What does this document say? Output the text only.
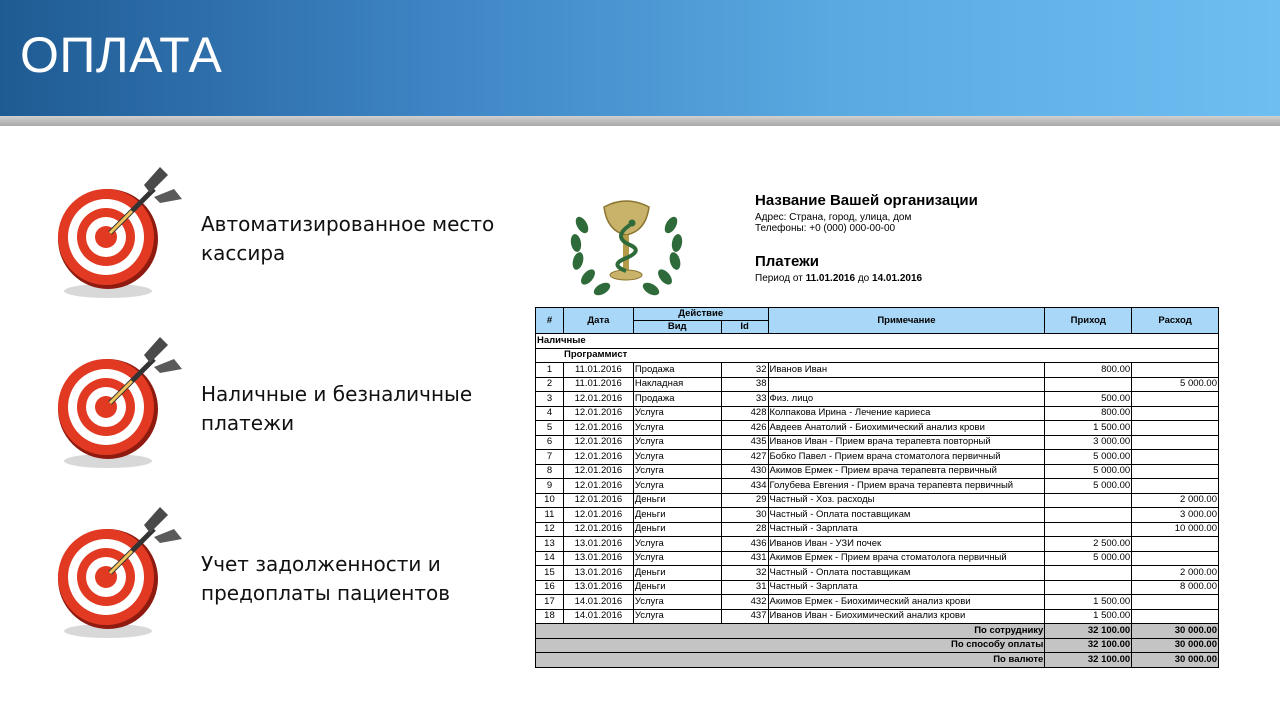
ОПЛАТА
Автоматизированное место
кассира
Наличные и безналичные
платежи
Учет задолженности и
предоплаты пациентов
Название Вашей организации
Адрес: Страна, город, улица, дом
Телефоны: +0 (000) 000-00-00
Платежи
Период от 11.01.2016 до 14.01.2016
#	Дата	Действие		Примечание	Приход	Расход
		Вид	Id			
Наличные						
Программист						
1	11.01.2016	Продажа	32	Иванов Иван	800.00	
2	11.01.2016	Накладная	38			5 000.00
3	12.01.2016	Продажа	33	Физ. лицо	500.00	
4	12.01.2016	Услуга	428	Колпакова Ирина - Лечение кариеса	800.00	
5	12.01.2016	Услуга	426	Авдеев Анатолий - Биохимический анализ крови	1 500.00	
6	12.01.2016	Услуга	435	Иванов Иван - Прием врача терапевта повторный	3 000.00	
7	12.01.2016	Услуга	427	Бобко Павел - Прием врача стоматолога первичный	5 000.00	
8	12.01.2016	Услуга	430	Акимов Ермек - Прием врача терапевта первичный	5 000.00	
9	12.01.2016	Услуга	434	Голубева Евгения - Прием врача терапевта первичный	5 000.00	
10	12.01.2016	Деньги	29	Частный - Хоз. расходы		2 000.00
11	12.01.2016	Деньги	30	Частный - Оплата поставщикам		3 000.00
12	12.01.2016	Деньги	28	Частный - Зарплата		10 000.00
13	13.01.2016	Услуга	436	Иванов Иван - УЗИ почек	2 500.00	
14	13.01.2016	Услуга	431	Акимов Ермек - Прием врача стоматолога первичный	5 000.00	
15	13.01.2016	Деньги	32	Частный - Оплата поставщикам		2 000.00
16	13.01.2016	Деньги	31	Частный - Зарплата		8 000.00
17	14.01.2016	Услуга	432	Акимов Ермек - Биохимический анализ крови	1 500.00	
18	14.01.2016	Услуга	437	Иванов Иван - Биохимический анализ крови	1 500.00	
По сотруднику					32 100.00	30 000.00
По способу оплаты					32 100.00	30 000.00
По валюте					32 100.00	30 000.00
